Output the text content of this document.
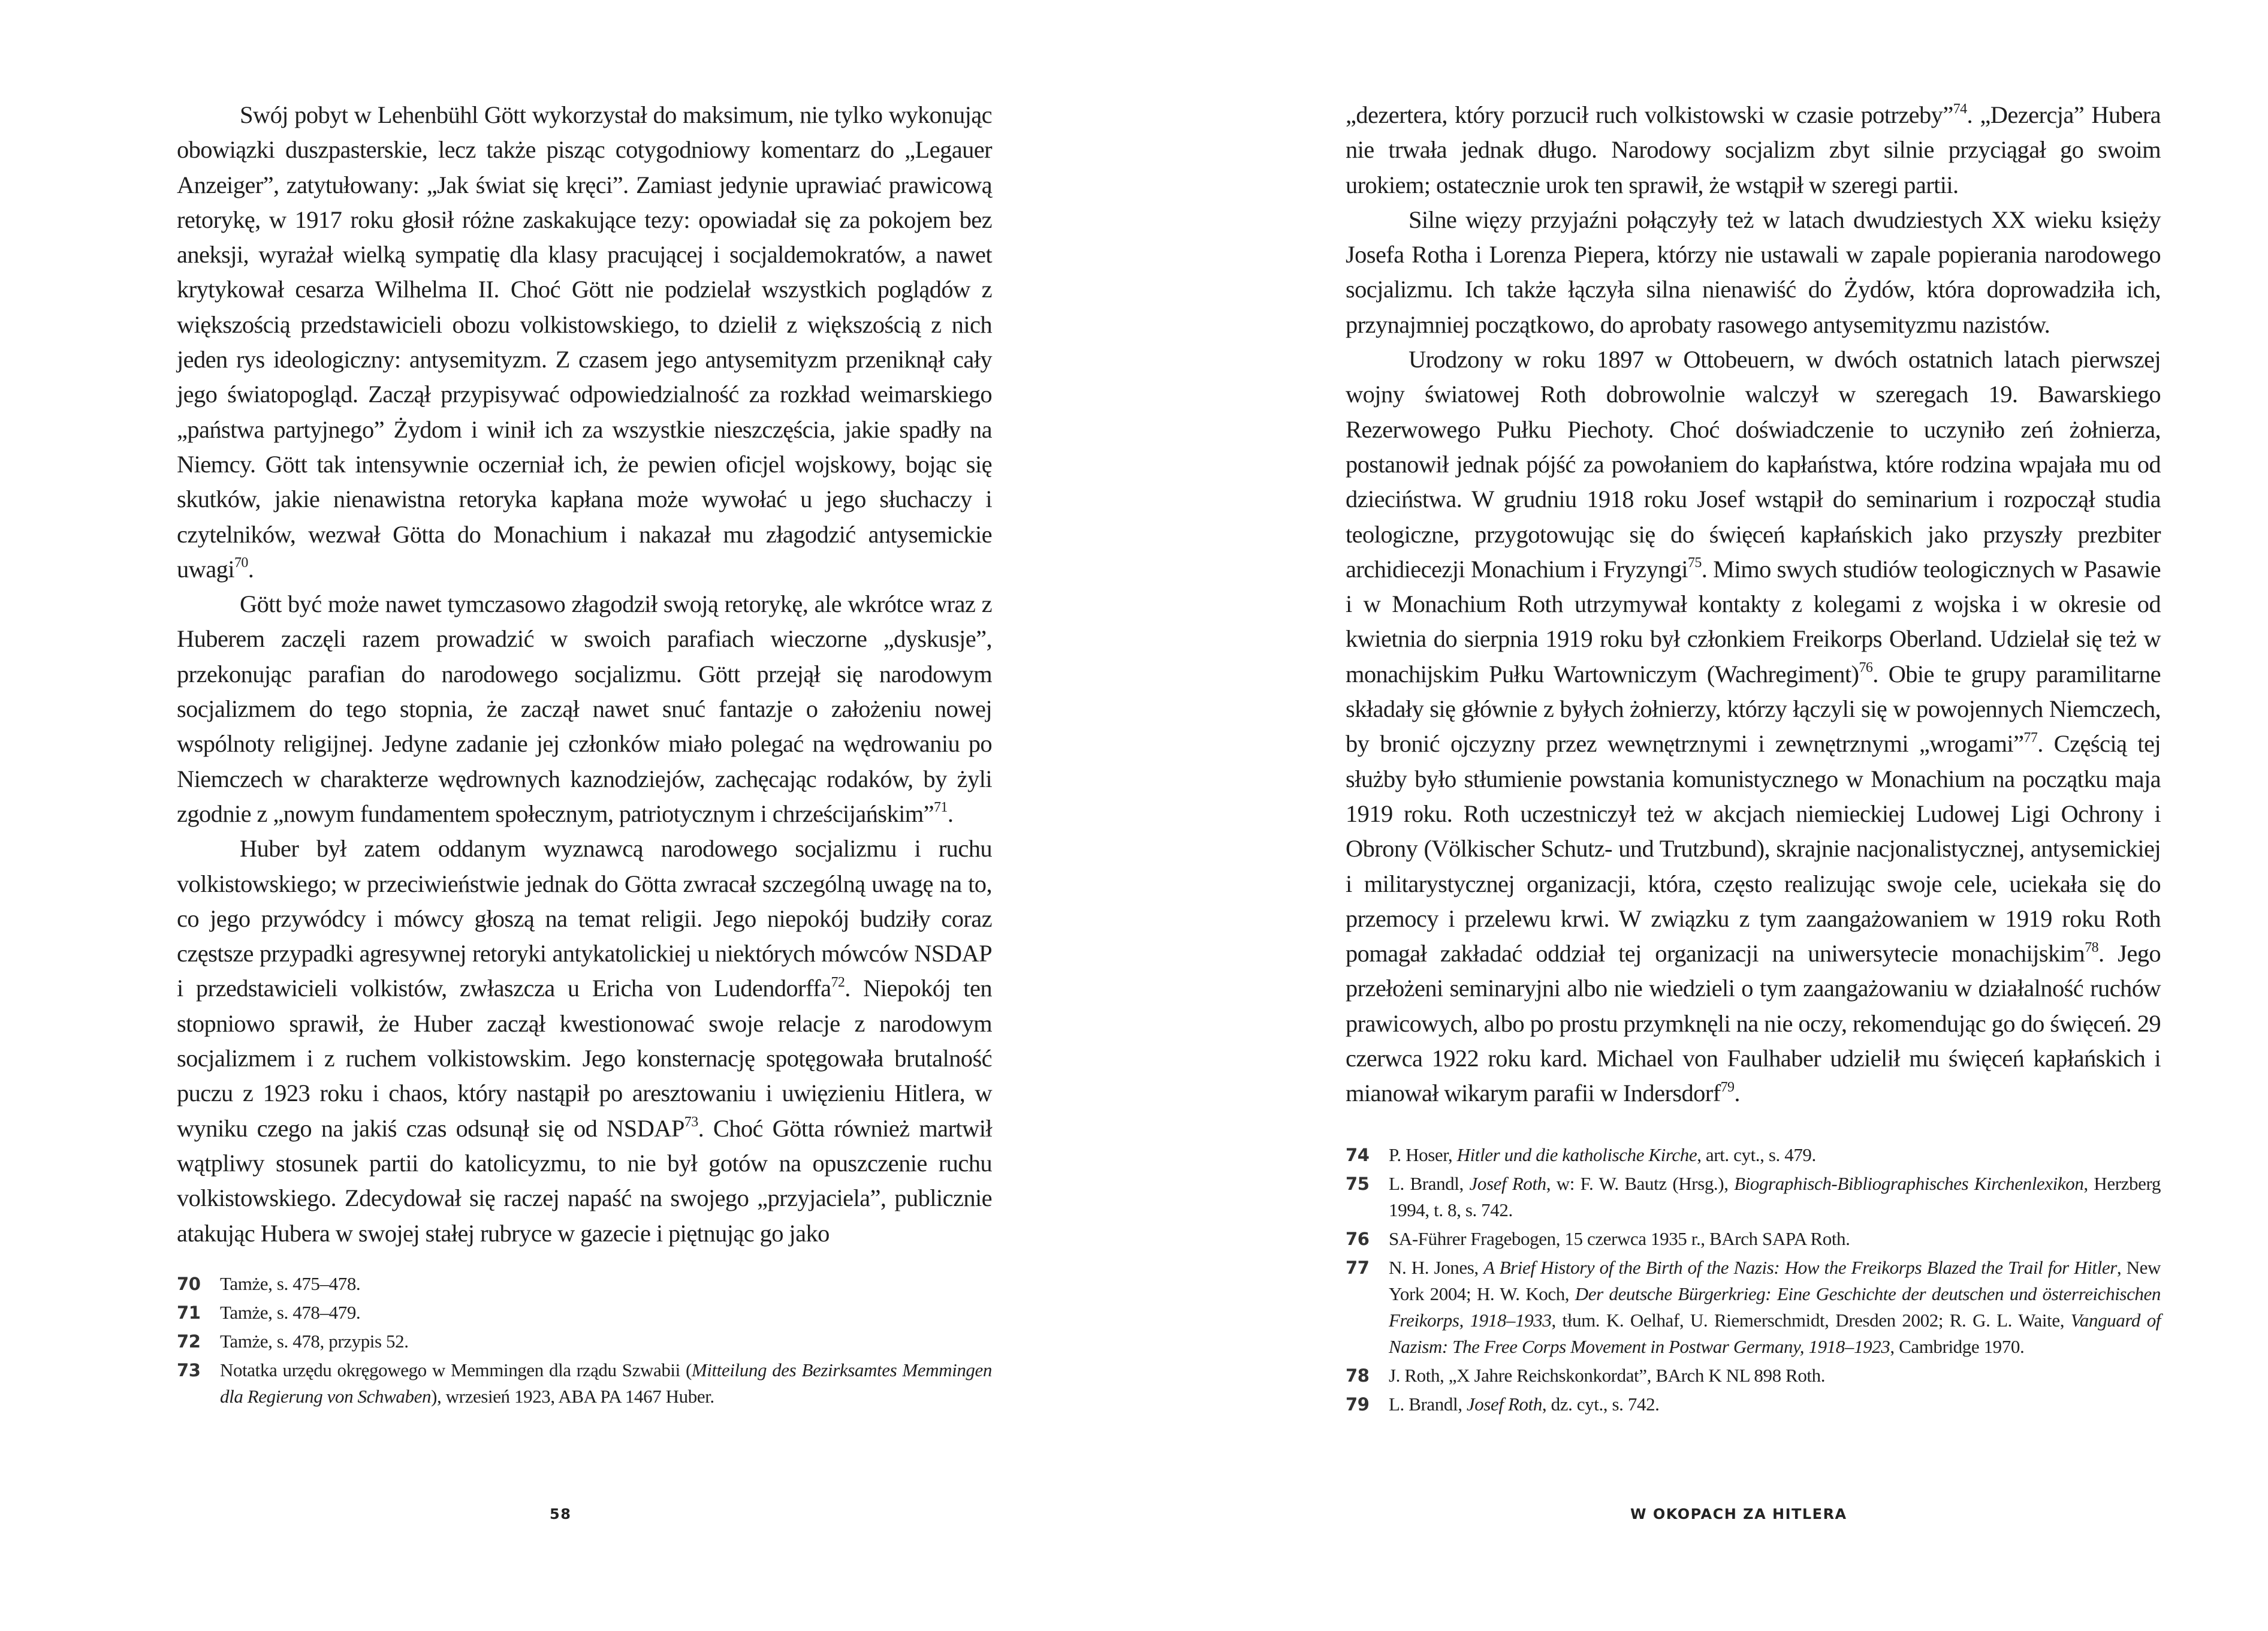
Swój pobyt w Lehenbühl Gött wykorzystał do maksimum, nie tylko wykonując obowiązki duszpasterskie, lecz także pisząc cotygodniowy komentarz do „Legauer Anzeiger”, zatytułowany: „Jak świat się kręci”. Zamiast jedynie uprawiać prawicową retorykę, w 1917 roku głosił różne zaskakujące tezy: opowiadał się za pokojem bez aneksji, wyrażał wielką sympatię dla klasy pracującej i socjaldemokratów, a nawet krytykował cesarza Wilhelma II. Choć Gött nie podzielał wszystkich poglądów z większością przedstawicieli obozu volkistowskiego, to dzielił z większością z nich jeden rys ideologiczny: antysemityzm. Z czasem jego antysemityzm przeniknął cały jego światopogląd. Zaczął przypisywać odpowiedzialność za rozkład weimarskiego „państwa partyjnego” Żydom i winił ich za wszystkie nieszczęścia, jakie spadły na Niemcy. Gött tak intensywnie oczerniał ich, że pewien oficjel wojskowy, bojąc się skutków, jakie nienawistna retoryka kapłana może wywołać u jego słuchaczy i czytelników, wezwał Götta do Monachium i nakazał mu złagodzić antysemickie uwagi$^{70}$.

Gött być może nawet tymczasowo złagodził swoją retorykę, ale wkrótce wraz z Huberem zaczęli razem prowadzić w swoich parafiach wieczorne „dyskusje”, przekonując parafian do narodowego socjalizmu. Gött przejął się narodowym socjalizmem do tego stopnia, że zaczął nawet snuć fantazje o założeniu nowej wspólnoty religijnej. Jedyne zadanie jej członków miało polegać na wędrowaniu po Niemczech w charakterze wędrownych kaznodziejów, zachęcając rodaków, by żyli zgodnie z „nowym fundamentem społecznym, patriotycznym i chrześcijańskim”$^{71}$.

Huber był zatem oddanym wyznawcą narodowego socjalizmu i ruchu volkistowskiego; w przeciwieństwie jednak do Götta zwracał szczególną uwagę na to, co jego przywódcy i mówcy głoszą na temat religii. Jego niepokój budziły coraz częstsze przypadki agresywnej retoryki antykatolickiej u niektórych mówców NSDAP i przedstawicieli volkistów, zwłaszcza u Ericha von Ludendorffa$^{72}$. Niepokój ten stopniowo sprawił, że Huber zaczął kwestionować swoje relacje z narodowym socjalizmem i z ruchem volkistowskim. Jego konsternację spotęgowała brutalność puczu z 1923 roku i chaos, który nastąpił po aresztowaniu i uwięzieniu Hitlera, w wyniku czego na jakiś czas odsunął się od NSDAP$^{73}$. Choć Götta również martwił wątpliwy stosunek partii do katolicyzmu, to nie był gotów na opuszczenie ruchu volkistowskiego. Zdecydował się raczej napaść na swojego „przyjaciela”, publicznie atakując Hubera w swojej stałej rubryce w gazecie i piętnując go jako

70	Tamże, s. 475–478.
71	Tamże, s. 478–479.
72	Tamże, s. 478, przypis 52.
73	Notatka urzędu okręgowego w Memmingen dla rządu Szwabii (Mitteilung des Bezirksamtes Memmingen dla Regierung von Schwaben), wrzesień 1923, ABA PA 1467 Huber.
58

„dezertera, który porzucił ruch volkistowski w czasie potrzeby”$^{74}$. „Dezercja” Hubera nie trwała jednak długo. Narodowy socjalizm zbyt silnie przyciągał go swoim urokiem; ostatecznie urok ten sprawił, że wstąpił w szeregi partii.

Silne więzy przyjaźni połączyły też w latach dwudziestych XX wieku księży Josefa Rotha i Lorenza Piepera, którzy nie ustawali w zapale popierania narodowego socjalizmu. Ich także łączyła silna nienawiść do Żydów, która doprowadziła ich, przynajmniej początkowo, do aprobaty rasowego antysemityzmu nazistów.

Urodzony w roku 1897 w Ottobeuern, w dwóch ostatnich latach pierwszej wojny światowej Roth dobrowolnie walczył w szeregach 19. Bawarskiego Rezerwowego Pułku Piechoty. Choć doświadczenie to uczyniło zeń żołnierza, postanowił jednak pójść za powołaniem do kapłaństwa, które rodzina wpajała mu od dzieciństwa. W grudniu 1918 roku Josef wstąpił do seminarium i rozpoczął studia teologiczne, przygotowując się do święceń kapłańskich jako przyszły prezbiter archidiecezji Monachium i Fryzyngi$^{75}$. Mimo swych studiów teologicznych w Pasawie i w Monachium Roth utrzymywał kontakty z kolegami z wojska i w okresie od kwietnia do sierpnia 1919 roku był członkiem Freikorps Oberland. Udzielał się też w monachijskim Pułku Wartowniczym (Wachregiment)$^{76}$. Obie te grupy paramilitarne składały się głównie z byłych żołnierzy, którzy łączyli się w powojennych Niemczech, by bronić ojczyzny przez wewnętrznymi i zewnętrznymi „wrogami”$^{77}$. Częścią tej służby było stłumienie powstania komunistycznego w Monachium na początku maja 1919 roku. Roth uczestniczył też w akcjach niemieckiej Ludowej Ligi Ochrony i Obrony (Völkischer Schutz- und Trutzbund), skrajnie nacjonalistycznej, antysemickiej i militarystycznej organizacji, która, często realizując swoje cele, uciekała się do przemocy i przelewu krwi. W związku z tym zaangażowaniem w 1919 roku Roth pomagał zakładać oddział tej organizacji na uniwersytecie monachijskim$^{78}$. Jego przełożeni seminaryjni albo nie wiedzieli o tym zaangażowaniu w działalność ruchów prawicowych, albo po prostu przymknęli na nie oczy, rekomendując go do święceń. 29 czerwca 1922 roku kard. Michael von Faulhaber udzielił mu święceń kapłańskich i mianował wikarym parafii w Indersdorf$^{79}$.

74	P. Hoser, Hitler und die katholische Kirche, art. cyt., s. 479.
75	L. Brandl, Josef Roth, w: F. W. Bautz (Hrsg.), Biographisch-Bibliographisches Kirchenlexikon, Herzberg 1994, t. 8, s. 742.
76	SA-Führer Fragebogen, 15 czerwca 1935 r., BArch SAPA Roth.
77	N. H. Jones, A Brief History of the Birth of the Nazis: How the Freikorps Blazed the Trail for Hitler, New York 2004; H. W. Koch, Der deutsche Bürgerkrieg: Eine Geschichte der deutschen und österreichischen Freikorps, 1918–1933, tłum. K. Oelhaf, U. Riemerschmidt, Dresden 2002; R. G. L. Waite, Vanguard of Nazism: The Free Corps Movement in Postwar Germany, 1918–1923, Cambridge 1970.
78	J. Roth, „X Jahre Reichskonkordat”, BArch K NL 898 Roth.
79	L. Brandl, Josef Roth, dz. cyt., s. 742.
W OKOPACH ZA HITLERA
